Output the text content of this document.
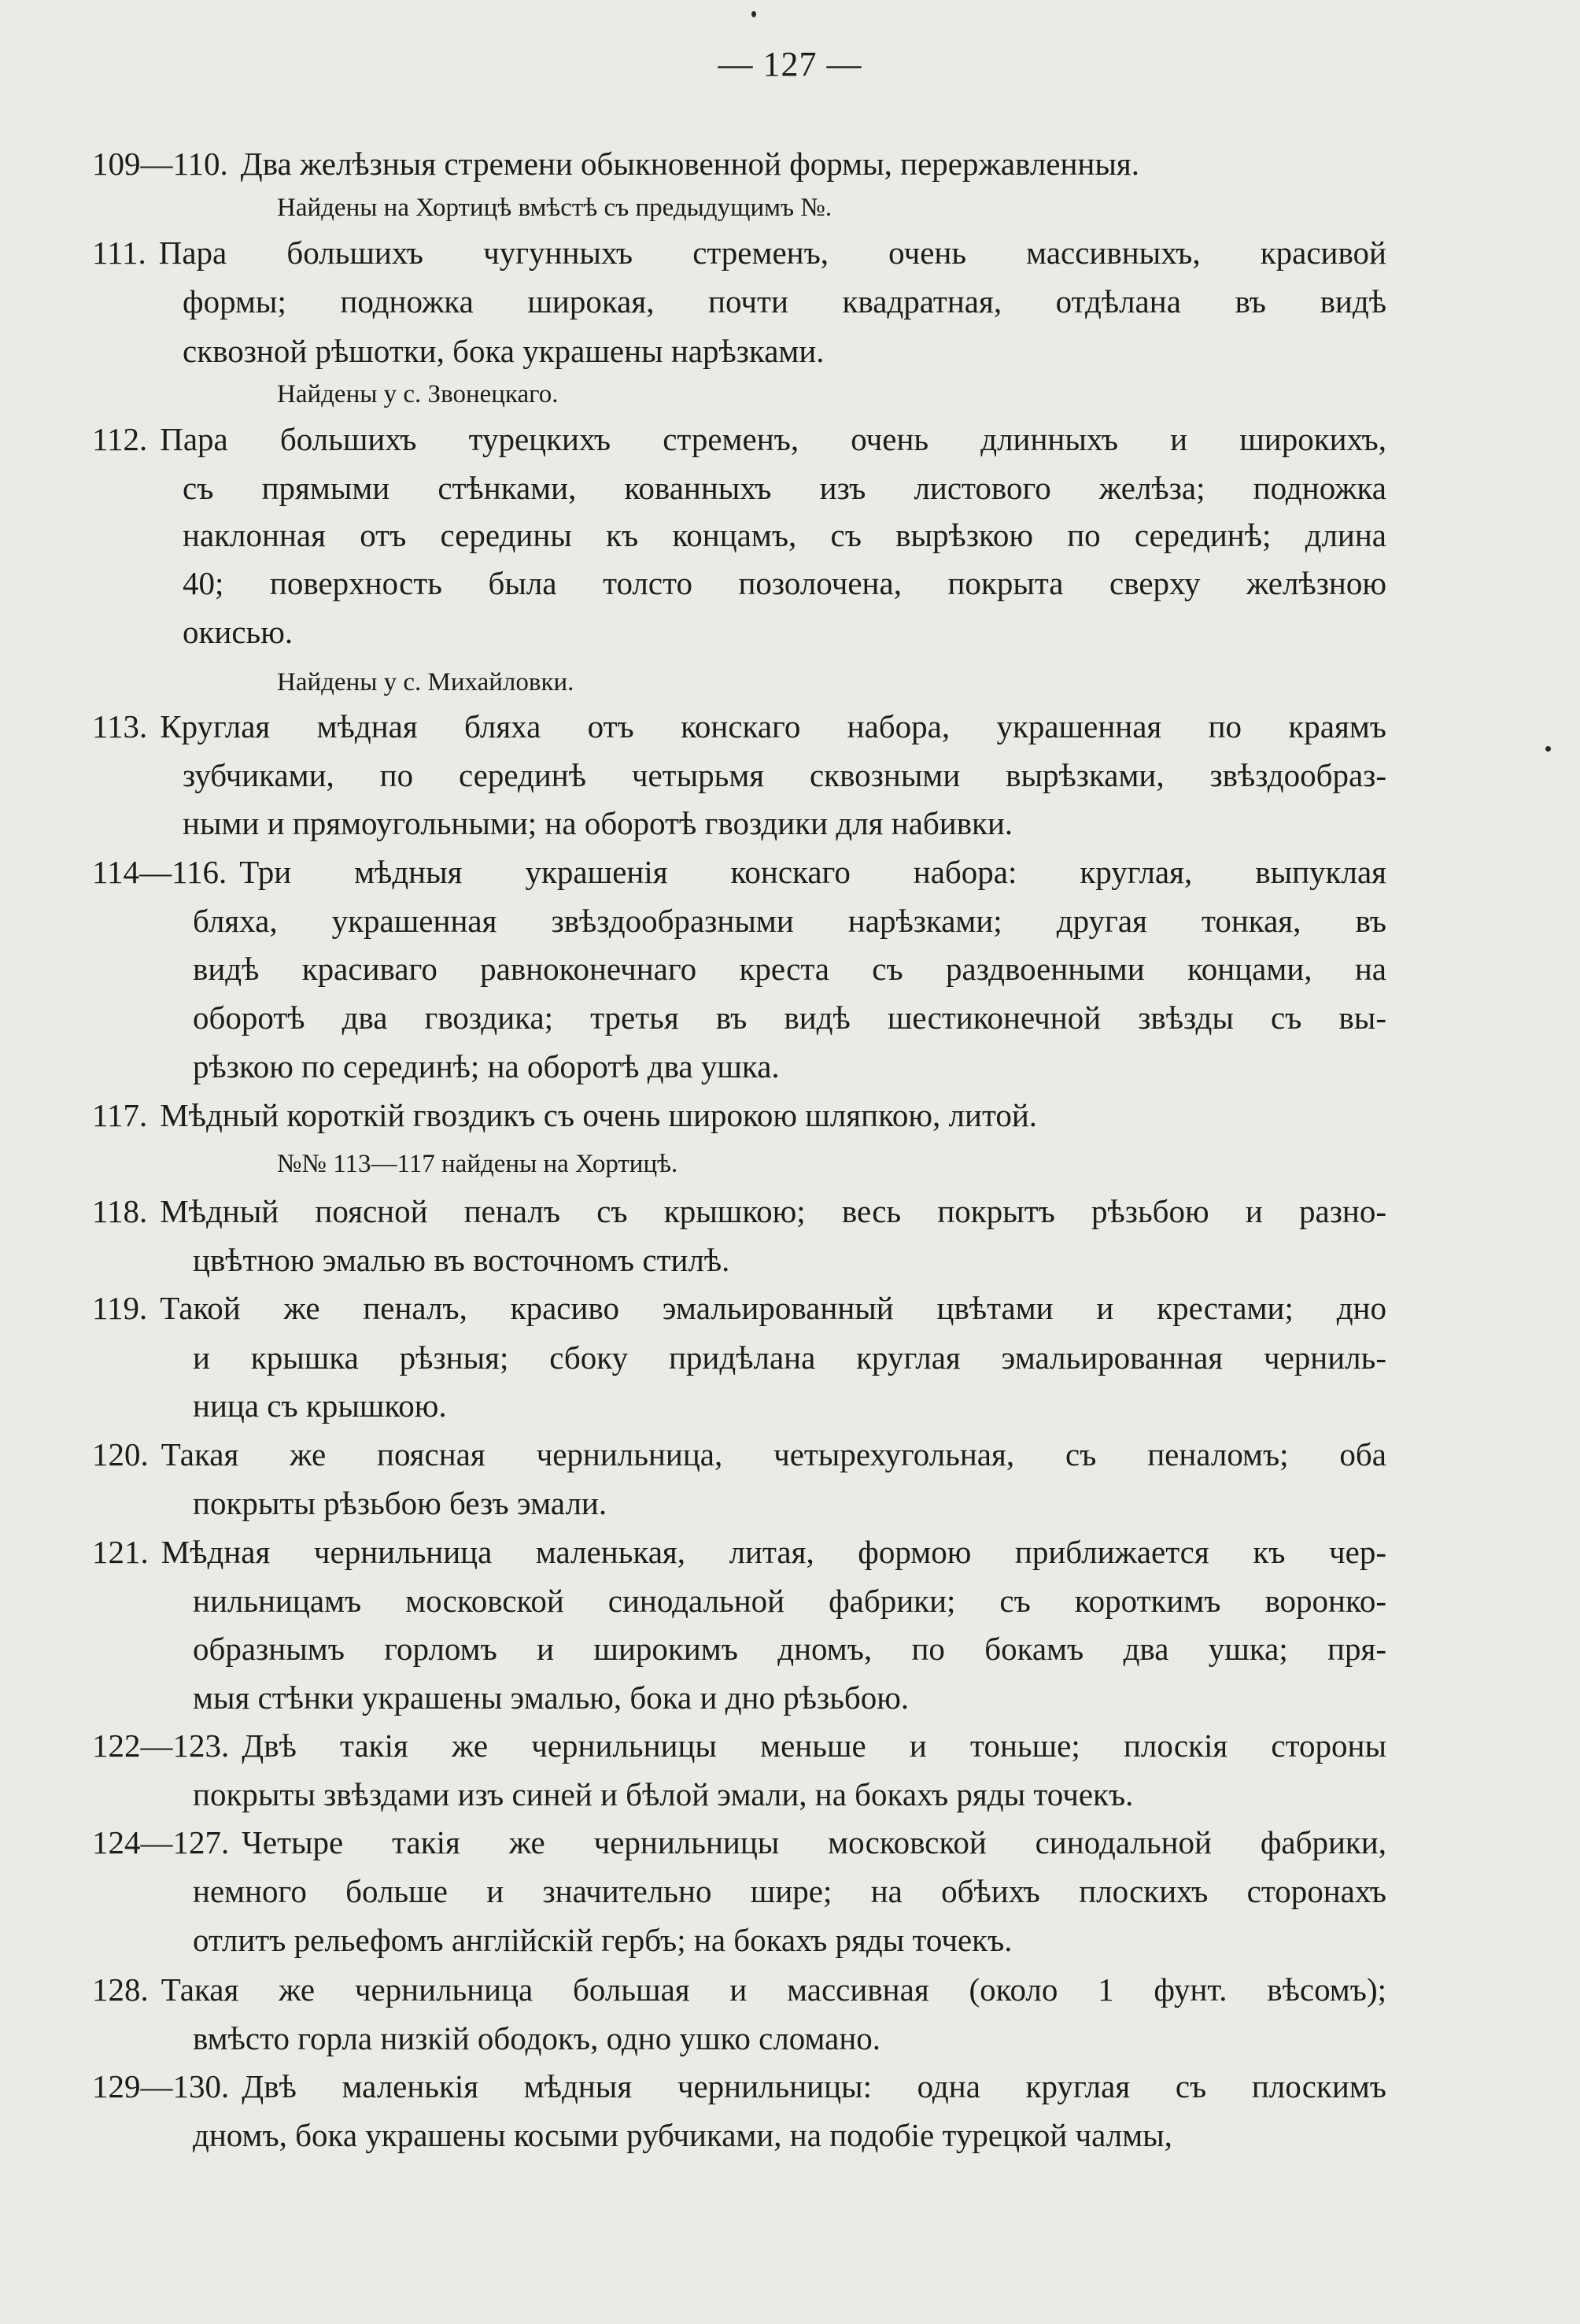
— 127 —
109—110. Два желѣзныя стремени обыкновенной формы, перержавленныя.
Найдены на Хортицѣ вмѣстѣ съ предыдущимъ №.
111. Пара большихъ чугунныхъ стременъ, очень массивныхъ, красивой
формы; подножка широкая, почти квадратная, отдѣлана въ видѣ
сквозной рѣшотки, бока украшены нарѣзками.
Найдены у с. Звонецкаго.
112. Пара большихъ турецкихъ стременъ, очень длинныхъ и широкихъ,
съ прямыми стѣнками, кованныхъ изъ листового желѣза; подножка
наклонная отъ середины къ концамъ, съ вырѣзкою по серединѣ; длина
40; поверхность была толсто позолочена, покрыта сверху желѣзною
окисью.
Найдены у с. Михайловки.
113. Круглая мѣдная бляха отъ конскаго набора, украшенная по краямъ
зубчиками, по серединѣ четырьмя сквозными вырѣзками, звѣздообраз-
ными и прямоугольными; на оборотѣ гвоздики для набивки.
114—116. Три мѣдныя украшенія конскаго набора: круглая, выпуклая
бляха, украшенная звѣздообразными нарѣзками; другая тонкая, въ
видѣ красиваго равноконечнаго креста съ раздвоенными концами, на
оборотѣ два гвоздика; третья въ видѣ шестиконечной звѣзды съ вы-
рѣзкою по серединѣ; на оборотѣ два ушка.
117. Мѣдный короткій гвоздикъ съ очень широкою шляпкою, литой.
№№ 113—117 найдены на Хортицѣ.
118. Мѣдный поясной пеналъ съ крышкою; весь покрытъ рѣзьбою и разно-
цвѣтною эмалью въ восточномъ стилѣ.
119. Такой же пеналъ, красиво эмальированный цвѣтами и крестами; дно
и крышка рѣзныя; сбоку придѣлана круглая эмальированная черниль-
ница съ крышкою.
120. Такая же поясная чернильница, четырехугольная, съ пеналомъ; оба
покрыты рѣзьбою безъ эмали.
121. Мѣдная чернильница маленькая, литая, формою приближается къ чер-
нильницамъ московской синодальной фабрики; съ короткимъ воронко-
образнымъ горломъ и широкимъ дномъ, по бокамъ два ушка; пря-
мыя стѣнки украшены эмалью, бока и дно рѣзьбою.
122—123. Двѣ такія же чернильницы меньше и тоньше; плоскія стороны
покрыты звѣздами изъ синей и бѣлой эмали, на бокахъ ряды точекъ.
124—127. Четыре такія же чернильницы московской синодальной фабрики,
немного больше и значительно шире; на обѣихъ плоскихъ сторонахъ
отлитъ рельефомъ англійскій гербъ; на бокахъ ряды точекъ.
128. Такая же чернильница большая и массивная (около 1 фунт. вѣсомъ);
вмѣсто горла низкій ободокъ, одно ушко сломано.
129—130. Двѣ маленькія мѣдныя чернильницы: одна круглая съ плоскимъ
дномъ, бока украшены косыми рубчиками, на подобіе турецкой чалмы,
